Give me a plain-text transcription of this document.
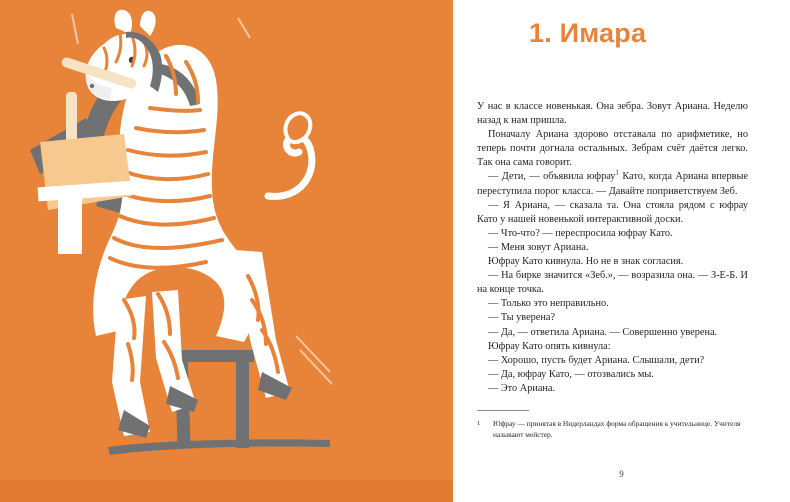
1. Имара

У нас в классе новенькая. Она зебра. Зовут Ариана. Неделю назад к нам пришла.

Поначалу Ариана здорово отставала по арифметике, но теперь почти догнала остальных. Зебрам счёт даётся легко. Так она сама говорит.

— Дети, — объявила юфрау$^1$ Като, когда Ариана впервые переступила порог класса. — Давайте поприветствуем Зеб.

— Я Ариана, — сказала та. Она стояла рядом с юфрау Като у нашей новенькой интерактивной доски.

— Что-что? — переспросила юфрау Като.

— Меня зовут Ариана.

Юфрау Като кивнула. Но не в знак согласия.

— На бирке значится «Зеб.», — возразила она. — З-Е-Б. И на конце точка.

— Только это неправильно.

— Ты уверена?

— Да, — ответила Ариана. — Совершенно уверена.

Юфрау Като опять кивнула:

— Хорошо, пусть будет Ариана. Слышали, дети?

— Да, юфрау Като, — отозвались мы.

— Это Ариана.

1	Юфрау — принятая в Нидерландах форма обращения к учительнице. Учителя называют мейстер.
9
